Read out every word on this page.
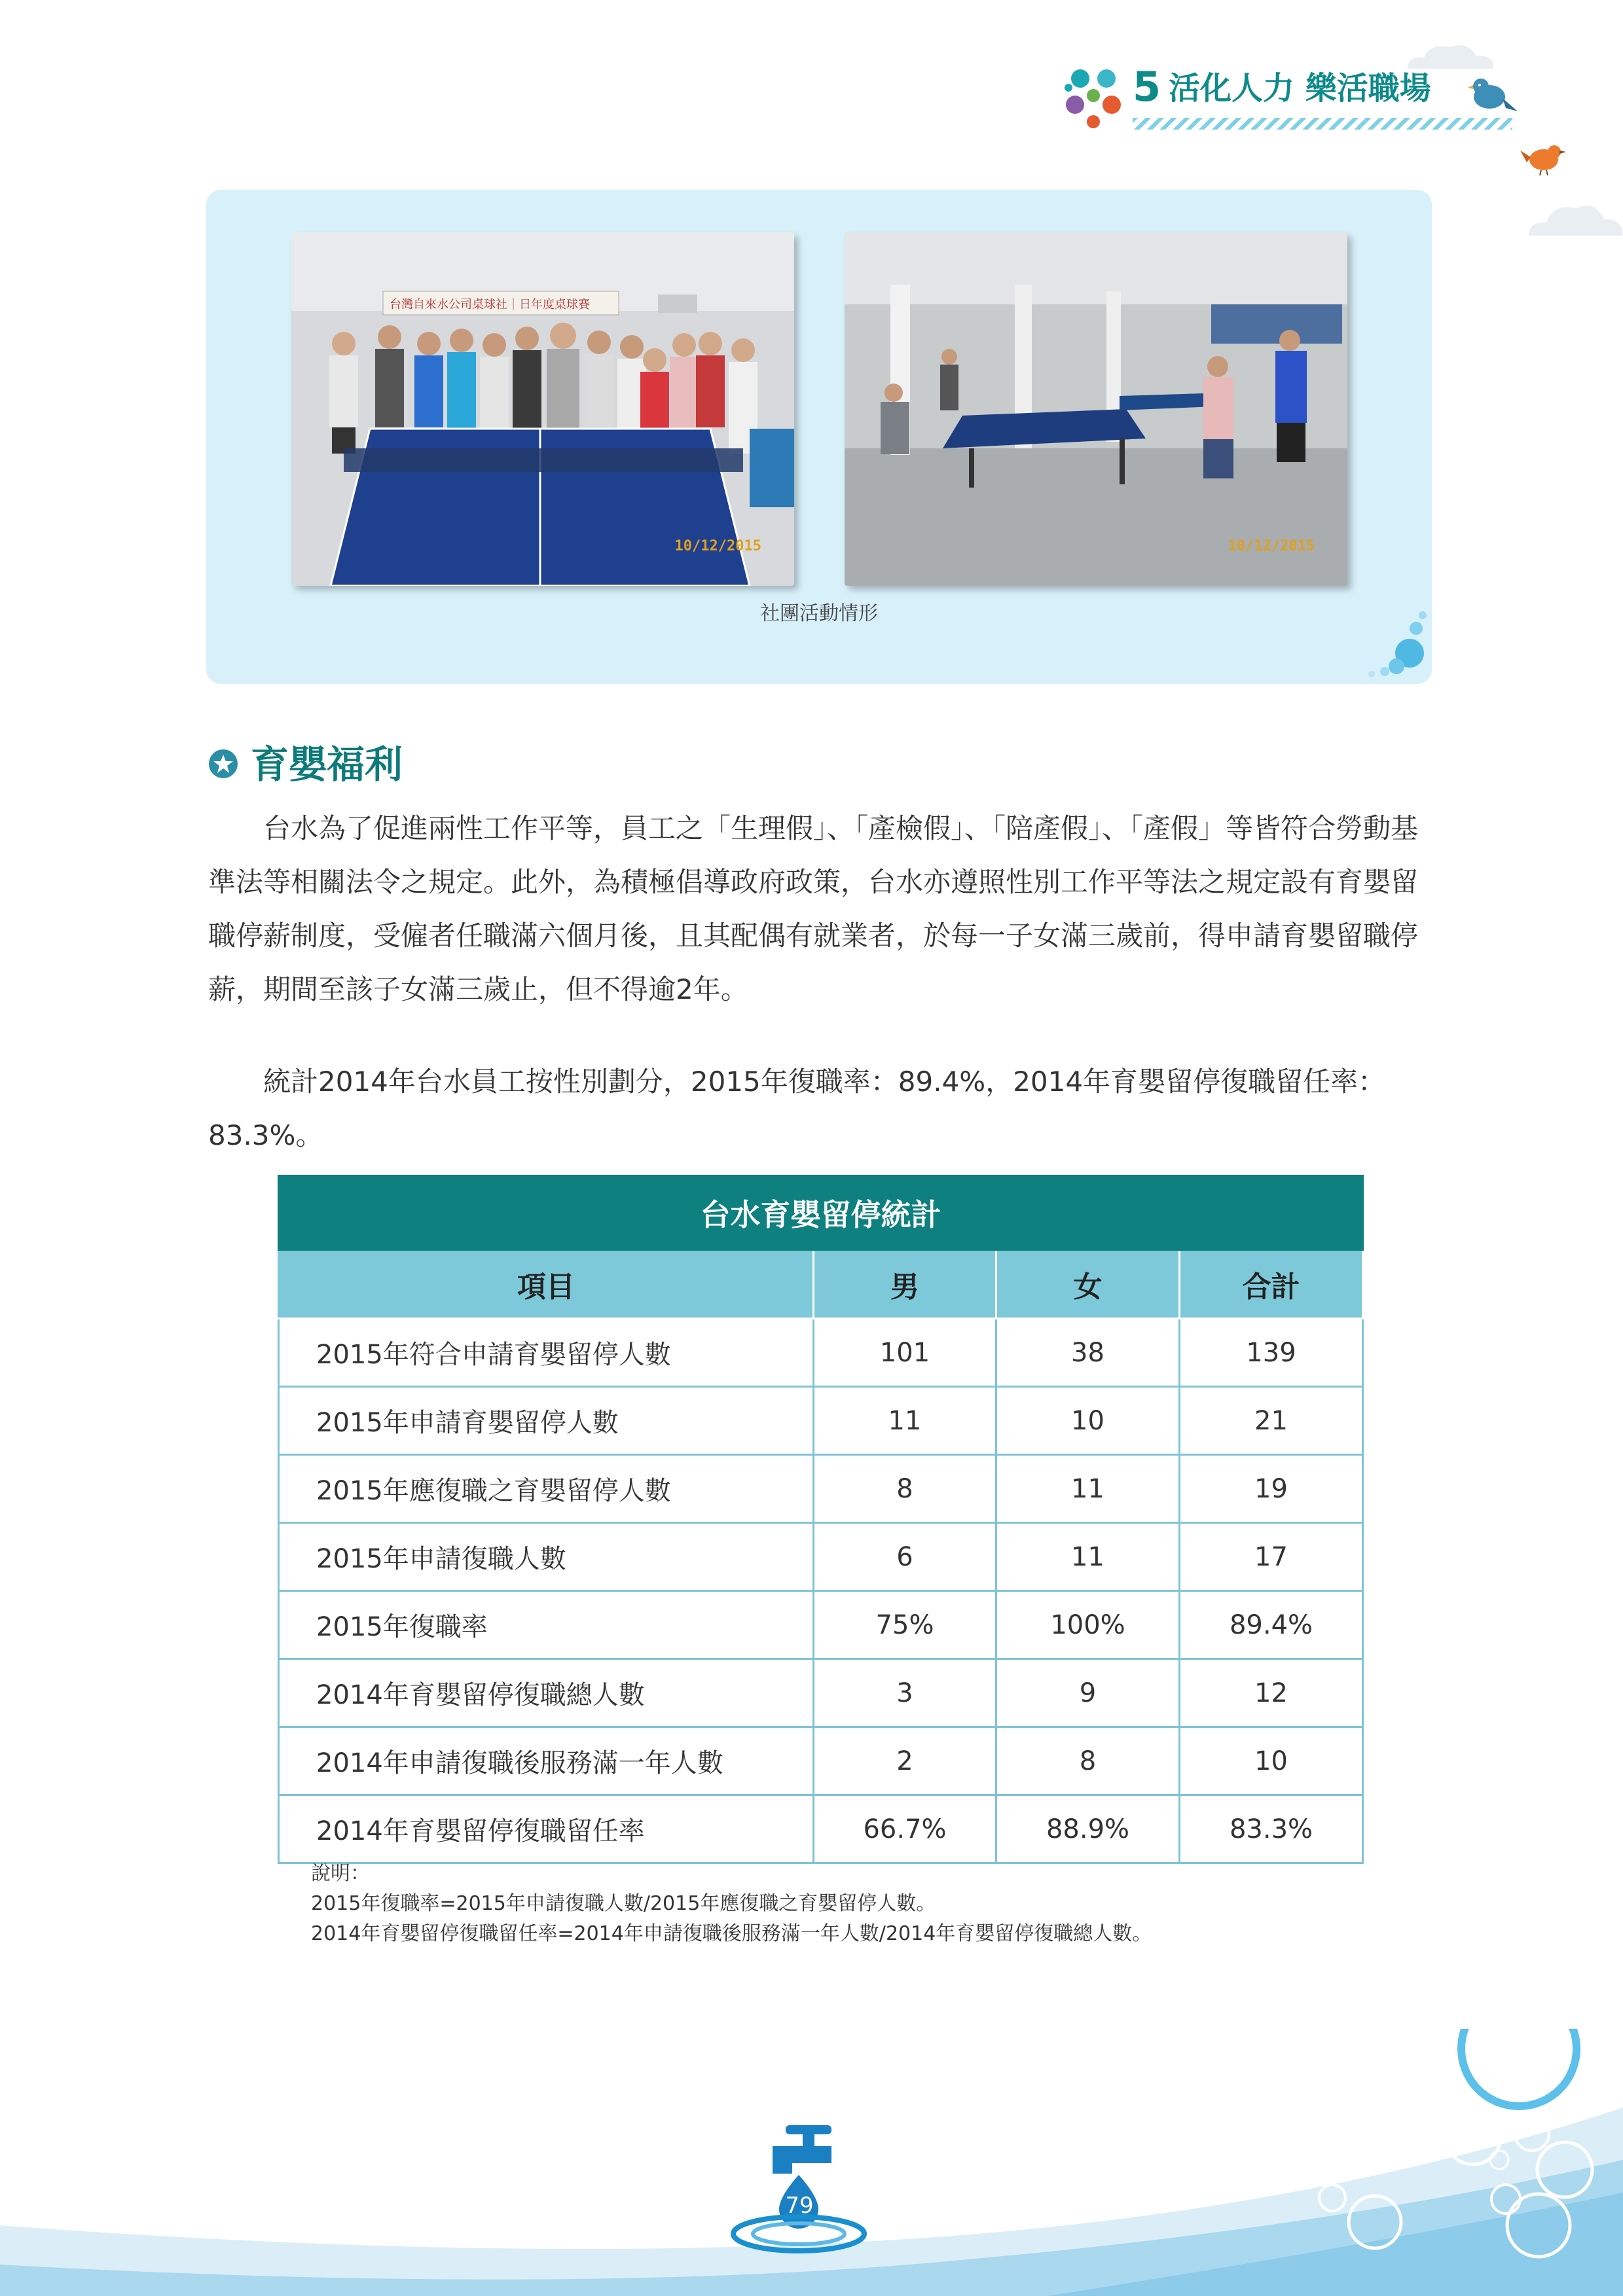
5 活化人力 樂活職場
台灣自來水公司桌球社｜日年度桌球賽
10/12/2015	10/12/2015
社團活動情形
育嬰福利
台水為了促進兩性工作平等，員工之「生理假」、「產檢假」、「陪產假」、「產假」等皆符合勞動基準法等相關法令之規定。此外，為積極倡導政府政策，台水亦遵照性別工作平等法之規定設有育嬰留職停薪制度，受僱者任職滿六個月後，且其配偶有就業者，於每一子女滿三歲前，得申請育嬰留職停薪，期間至該子女滿三歲止，但不得逾2年。
統計2014年台水員工按性別劃分，2015年復職率：89.4%，2014年育嬰留停復職留任率：83.3%。
台水育嬰留停統計			
項目	男	女	合計
2015年符合申請育嬰留停人數	101	38	139
2015年申請育嬰留停人數	11	10	21
2015年應復職之育嬰留停人數	8	11	19
2015年申請復職人數	6	11	17
2015年復職率	75%	100%	89.4%
2014年育嬰留停復職總人數	3	9	12
2014年申請復職後服務滿一年人數	2	8	10
2014年育嬰留停復職留任率	66.7%	88.9%	83.3%
說明：
2015年復職率=2015年申請復職人數/2015年應復職之育嬰留停人數。
2014年育嬰留停復職留任率=2014年申請復職後服務滿一年人數/2014年育嬰留停復職總人數。
79
